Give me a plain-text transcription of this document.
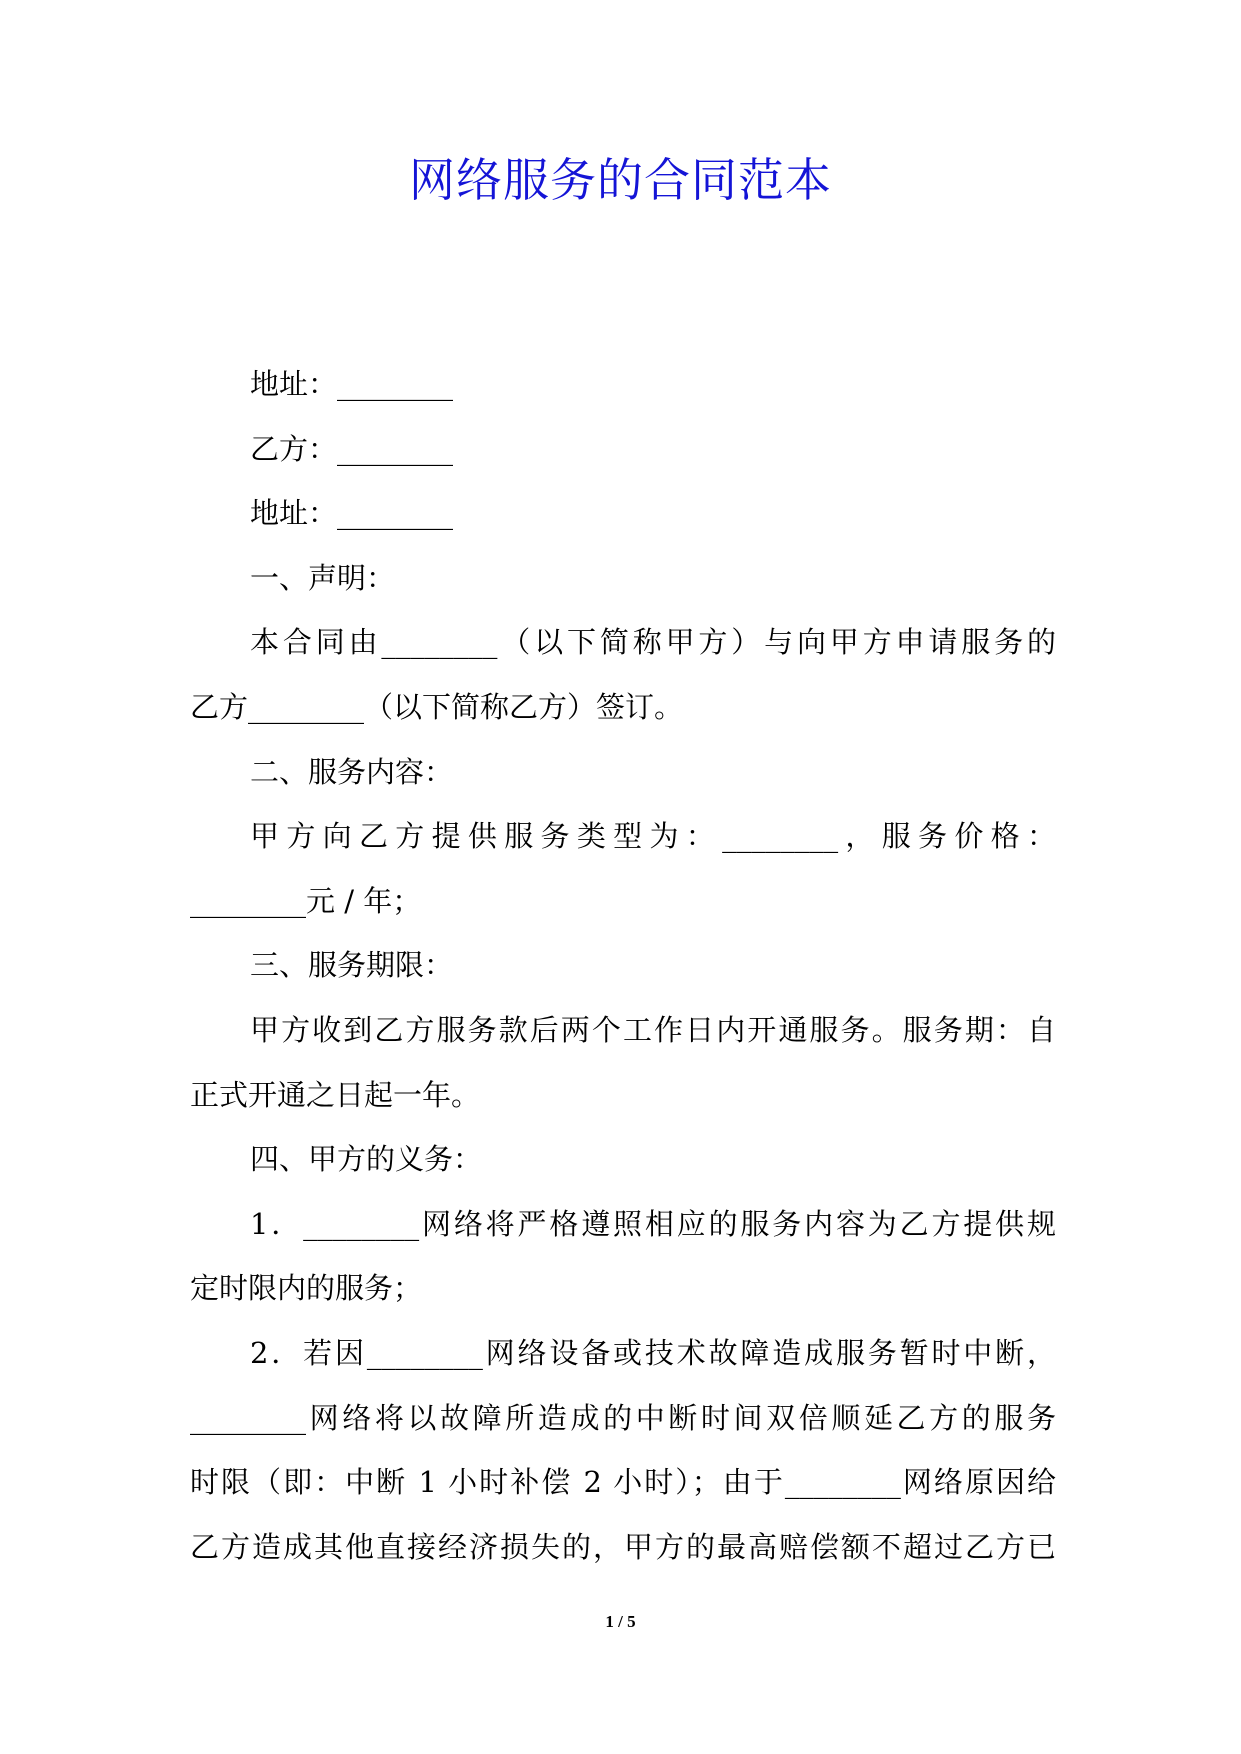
网络服务的合同范本

地址：________

乙方：________

地址：________

一、声明：

本合同由________（以下简称甲方）与向甲方申请服务的

乙方________（以下简称乙方）签订。

二、服务内容：

甲方向乙方提供服务类型为：________，服务价格：

________元 / 年；

三、服务期限：

甲方收到乙方服务款后两个工作日内开通服务。服务期：自

正式开通之日起一年。

四、甲方的义务：

1．________网络将严格遵照相应的服务内容为乙方提供规

定时限内的服务；

2．若因________网络设备或技术故障造成服务暂时中断，

________网络将以故障所造成的中断时间双倍顺延乙方的服务

时限（即：中断 1 小时补偿 2 小时）；由于________网络原因给

乙方造成其他直接经济损失的，甲方的最高赔偿额不超过乙方已

1 / 5
